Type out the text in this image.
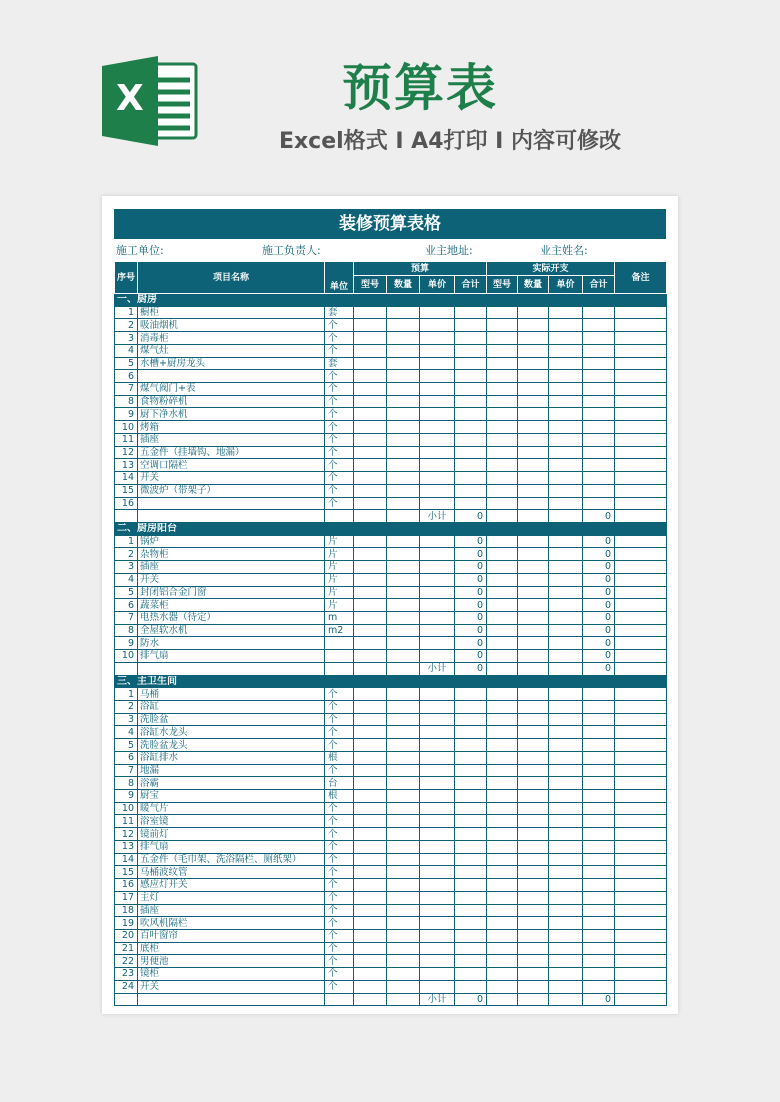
X	预算表
Excel格式 I A4打印 I 内容可修改
装修预算表格
施工单位:	施工负责人:	业主地址:	业主姓名:
序号	项目名称	单位	预算				实际开支				备注
			型号	数量	单价	合计	型号	数量	单价	合计	
一、厨房											
1	橱柜	套									
2	吸油烟机	个									
3	消毒柜	个									
4	煤气灶	个									
5	水槽+厨房龙头	套									
6		个									
7	煤气阀门+表	个									
8	食物粉碎机	个									
9	厨下净水机	个									
10	烤箱	个									
11	插座	个									
12	五金件（挂墙钩、地漏）	个									
13	空调口隔栏	个									
14	开关	个									
15	微波炉（带架子）	个									
16		个									
					小计	0				0	
二、厨房阳台											
1	锅炉	片				0				0	
2	杂物柜	片				0				0	
3	插座	片				0				0	
4	开关	片				0				0	
5	封闭铝合金门窗	片				0				0	
6	蔬菜柜	片				0				0	
7	电热水器（待定）	m				0				0	
8	全屋软水机	m2				0				0	
9	防水					0				0	
10	排气扇					0				0	
					小计	0				0	
三、主卫生间											
1	马桶	个									
2	浴缸	个									
3	洗脸盆	个									
4	浴缸水龙头	个									
5	洗脸盆龙头	个									
6	浴缸排水	根									
7	地漏	个									
8	浴霸	台									
9	厨宝	根									
10	暖气片	个									
11	浴室镜	个									
12	镜前灯	个									
13	排气扇	个									
14	五金件（毛巾架、洗浴隔栏、厕纸架）	个									
15	马桶波纹管	个									
16	感应灯开关	个									
17	主灯	个									
18	插座	个									
19	吹风机隔栏	个									
20	百叶窗帘	个									
21	底柜	个									
22	男便池	个									
23	镜柜	个									
24	开关	个									
					小计	0				0	
